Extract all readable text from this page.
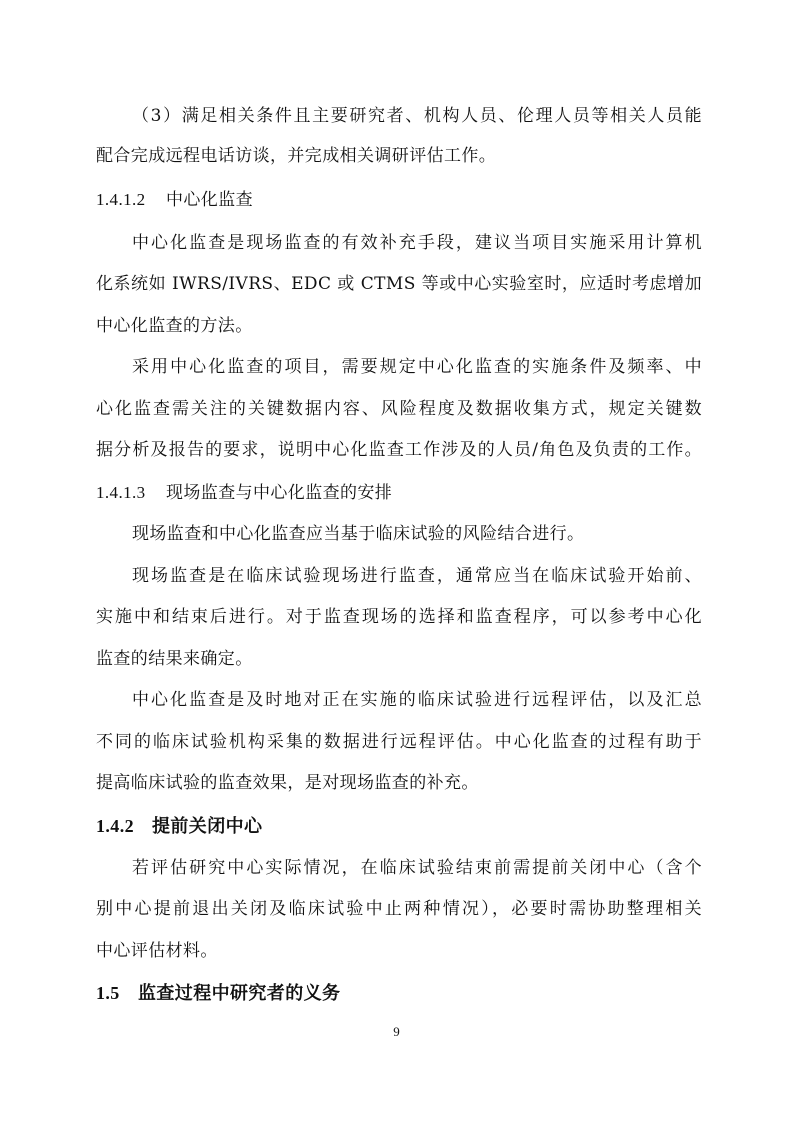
（3）满足相关条件且主要研究者、机构人员、伦理人员等相关人员能
配合完成远程电话访谈，并完成相关调研评估工作。
1.4.1.2 中心化监查
中心化监查是现场监查的有效补充手段，建议当项目实施采用计算机
化系统如 IWRS/IVRS、EDC 或 CTMS 等或中心实验室时，应适时考虑增加
中心化监查的方法。
采用中心化监查的项目，需要规定中心化监查的实施条件及频率、中
心化监查需关注的关键数据内容、风险程度及数据收集方式，规定关键数
据分析及报告的要求，说明中心化监查工作涉及的人员/角色及负责的工作。
1.4.1.3 现场监查与中心化监查的安排
现场监查和中心化监查应当基于临床试验的风险结合进行。
现场监查是在临床试验现场进行监查，通常应当在临床试验开始前、
实施中和结束后进行。对于监查现场的选择和监查程序，可以参考中心化
监查的结果来确定。
中心化监查是及时地对正在实施的临床试验进行远程评估，以及汇总
不同的临床试验机构采集的数据进行远程评估。中心化监查的过程有助于
提高临床试验的监查效果，是对现场监查的补充。
1.4.2 提前关闭中心
若评估研究中心实际情况，在临床试验结束前需提前关闭中心（含个
别中心提前退出关闭及临床试验中止两种情况），必要时需协助整理相关
中心评估材料。
1.5 监查过程中研究者的义务
9
